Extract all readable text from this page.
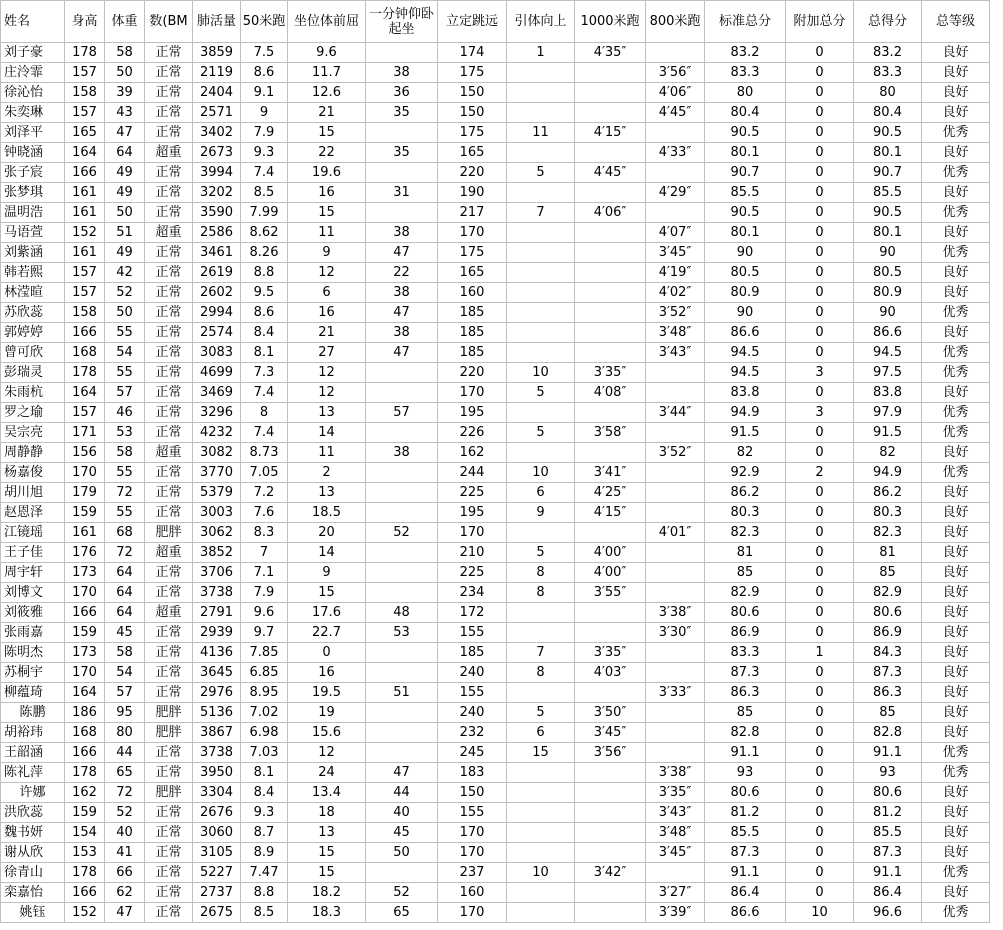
姓名	身高	体重	数(BM	肺活量	50米跑	坐位体前屈	一分钟仰卧起坐	立定跳远	引体向上	1000米跑	800米跑	标准总分	附加总分	总得分	总等级
刘子豪	178	58	正常	3859	7.5	9.6		174	1	4′35″		83.2	0	83.2	良好
庄泠霏	157	50	正常	2119	8.6	11.7	38	175			3′56″	83.3	0	83.3	良好
徐沁怡	158	39	正常	2404	9.1	12.6	36	150			4′06″	80	0	80	良好
朱奕琳	157	43	正常	2571	9	21	35	150			4′45″	80.4	0	80.4	良好
刘泽平	165	47	正常	3402	7.9	15		175	11	4′15″		90.5	0	90.5	优秀
钟晓涵	164	64	超重	2673	9.3	22	35	165			4′33″	80.1	0	80.1	良好
张子宸	166	49	正常	3994	7.4	19.6		220	5	4′45″		90.7	0	90.7	优秀
张梦琪	161	49	正常	3202	8.5	16	31	190			4′29″	85.5	0	85.5	良好
温明浩	161	50	正常	3590	7.99	15		217	7	4′06″		90.5	0	90.5	优秀
马语萱	152	51	超重	2586	8.62	11	38	170			4′07″	80.1	0	80.1	良好
刘紫涵	161	49	正常	3461	8.26	9	47	175			3′45″	90	0	90	优秀
韩若熙	157	42	正常	2619	8.8	12	22	165			4′19″	80.5	0	80.5	良好
林滢暄	157	52	正常	2602	9.5	6	38	160			4′02″	80.9	0	80.9	良好
苏欣蕊	158	50	正常	2994	8.6	16	47	185			3′52″	90	0	90	优秀
郭婷婷	166	55	正常	2574	8.4	21	38	185			3′48″	86.6	0	86.6	良好
曾可欣	168	54	正常	3083	8.1	27	47	185			3′43″	94.5	0	94.5	优秀
彭瑞灵	178	55	正常	4699	7.3	12		220	10	3′35″		94.5	3	97.5	优秀
朱雨杭	164	57	正常	3469	7.4	12		170	5	4′08″		83.8	0	83.8	良好
罗之瑜	157	46	正常	3296	8	13	57	195			3′44″	94.9	3	97.9	优秀
吴宗亮	171	53	正常	4232	7.4	14		226	5	3′58″		91.5	0	91.5	优秀
周静静	156	58	超重	3082	8.73	11	38	162			3′52″	82	0	82	良好
杨嘉俊	170	55	正常	3770	7.05	2		244	10	3′41″		92.9	2	94.9	优秀
胡川旭	179	72	正常	5379	7.2	13		225	6	4′25″		86.2	0	86.2	良好
赵恩泽	159	55	正常	3003	7.6	18.5		195	9	4′15″		80.3	0	80.3	良好
江镜瑶	161	68	肥胖	3062	8.3	20	52	170			4′01″	82.3	0	82.3	良好
王子佳	176	72	超重	3852	7	14		210	5	4′00″		81	0	81	良好
周宇轩	173	64	正常	3706	7.1	9		225	8	4′00″		85	0	85	良好
刘博文	170	64	正常	3738	7.9	15		234	8	3′55″		82.9	0	82.9	良好
刘筱雅	166	64	超重	2791	9.6	17.6	48	172			3′38″	80.6	0	80.6	良好
张雨嘉	159	45	正常	2939	9.7	22.7	53	155			3′30″	86.9	0	86.9	良好
陈明杰	173	58	正常	4136	7.85	0		185	7	3′35″		83.3	1	84.3	良好
苏桐宇	170	54	正常	3645	6.85	16		240	8	4′03″		87.3	0	87.3	良好
柳蕴琦	164	57	正常	2976	8.95	19.5	51	155			3′33″	86.3	0	86.3	良好
陈鹏	186	95	肥胖	5136	7.02	19		240	5	3′50″		85	0	85	良好
胡裕玮	168	80	肥胖	3867	6.98	15.6		232	6	3′45″		82.8	0	82.8	良好
王韶涵	166	44	正常	3738	7.03	12		245	15	3′56″		91.1	0	91.1	优秀
陈礼萍	178	65	正常	3950	8.1	24	47	183			3′38″	93	0	93	优秀
许娜	162	72	肥胖	3304	8.4	13.4	44	150			3′35″	80.6	0	80.6	良好
洪欣蕊	159	52	正常	2676	9.3	18	40	155			3′43″	81.2	0	81.2	良好
魏书妍	154	40	正常	3060	8.7	13	45	170			3′48″	85.5	0	85.5	良好
谢从欣	153	41	正常	3105	8.9	15	50	170			3′45″	87.3	0	87.3	良好
徐青山	178	66	正常	5227	7.47	15		237	10	3′42″		91.1	0	91.1	优秀
栾嘉怡	166	62	正常	2737	8.8	18.2	52	160			3′27″	86.4	0	86.4	良好
姚钰	152	47	正常	2675	8.5	18.3	65	170			3′39″	86.6	10	96.6	优秀
